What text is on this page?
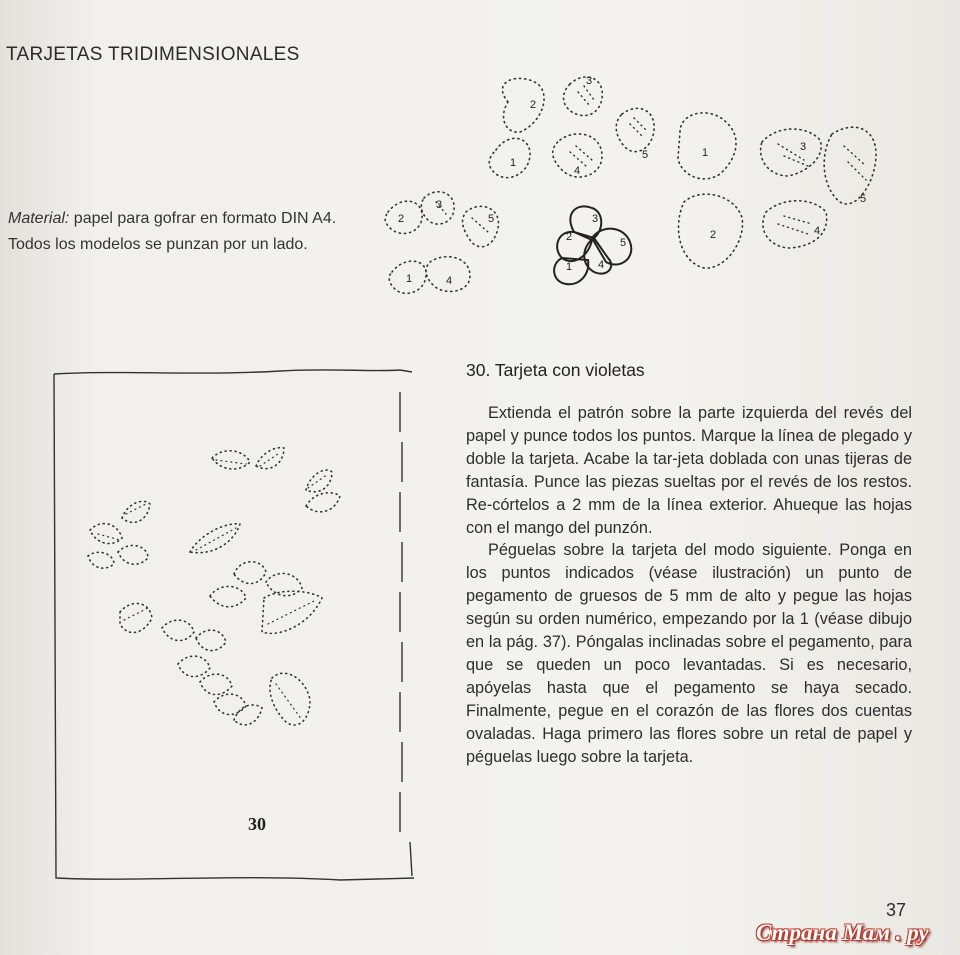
TARJETAS TRIDIMENSIONALES
Material: papel para gofrar en formato DIN A4. Todos los modelos se punzan por un lado.
2
3
1
4
5
2
3
5
1	4
1	3
5
2	4
3
2	5
1 4
30
30. Tarjeta con violetas

Extienda el patrón sobre la parte izquierda del revés del papel y punce todos los puntos. Marque la línea de plegado y doble la tarjeta. Acabe la tar-jeta doblada con unas tijeras de fantasía. Punce las piezas sueltas por el revés de los restos. Re-córtelos a 2 mm de la línea exterior. Ahueque las hojas con el mango del punzón.

Péguelas sobre la tarjeta del modo siguiente. Ponga en los puntos indicados (véase ilustración) un punto de pegamento de gruesos de 5 mm de alto y pegue las hojas según su orden numérico, empezando por la 1 (véase dibujo en la pág. 37). Póngalas inclinadas sobre el pegamento, para que se queden un poco levantadas. Si es necesario, apóyelas hasta que el pegamento se haya secado. Finalmente, pegue en el corazón de las flores dos cuentas ovaladas. Haga primero las flores sobre un retal de papel y péguelas luego sobre la tarjeta.

37
Страна Мам . ру
